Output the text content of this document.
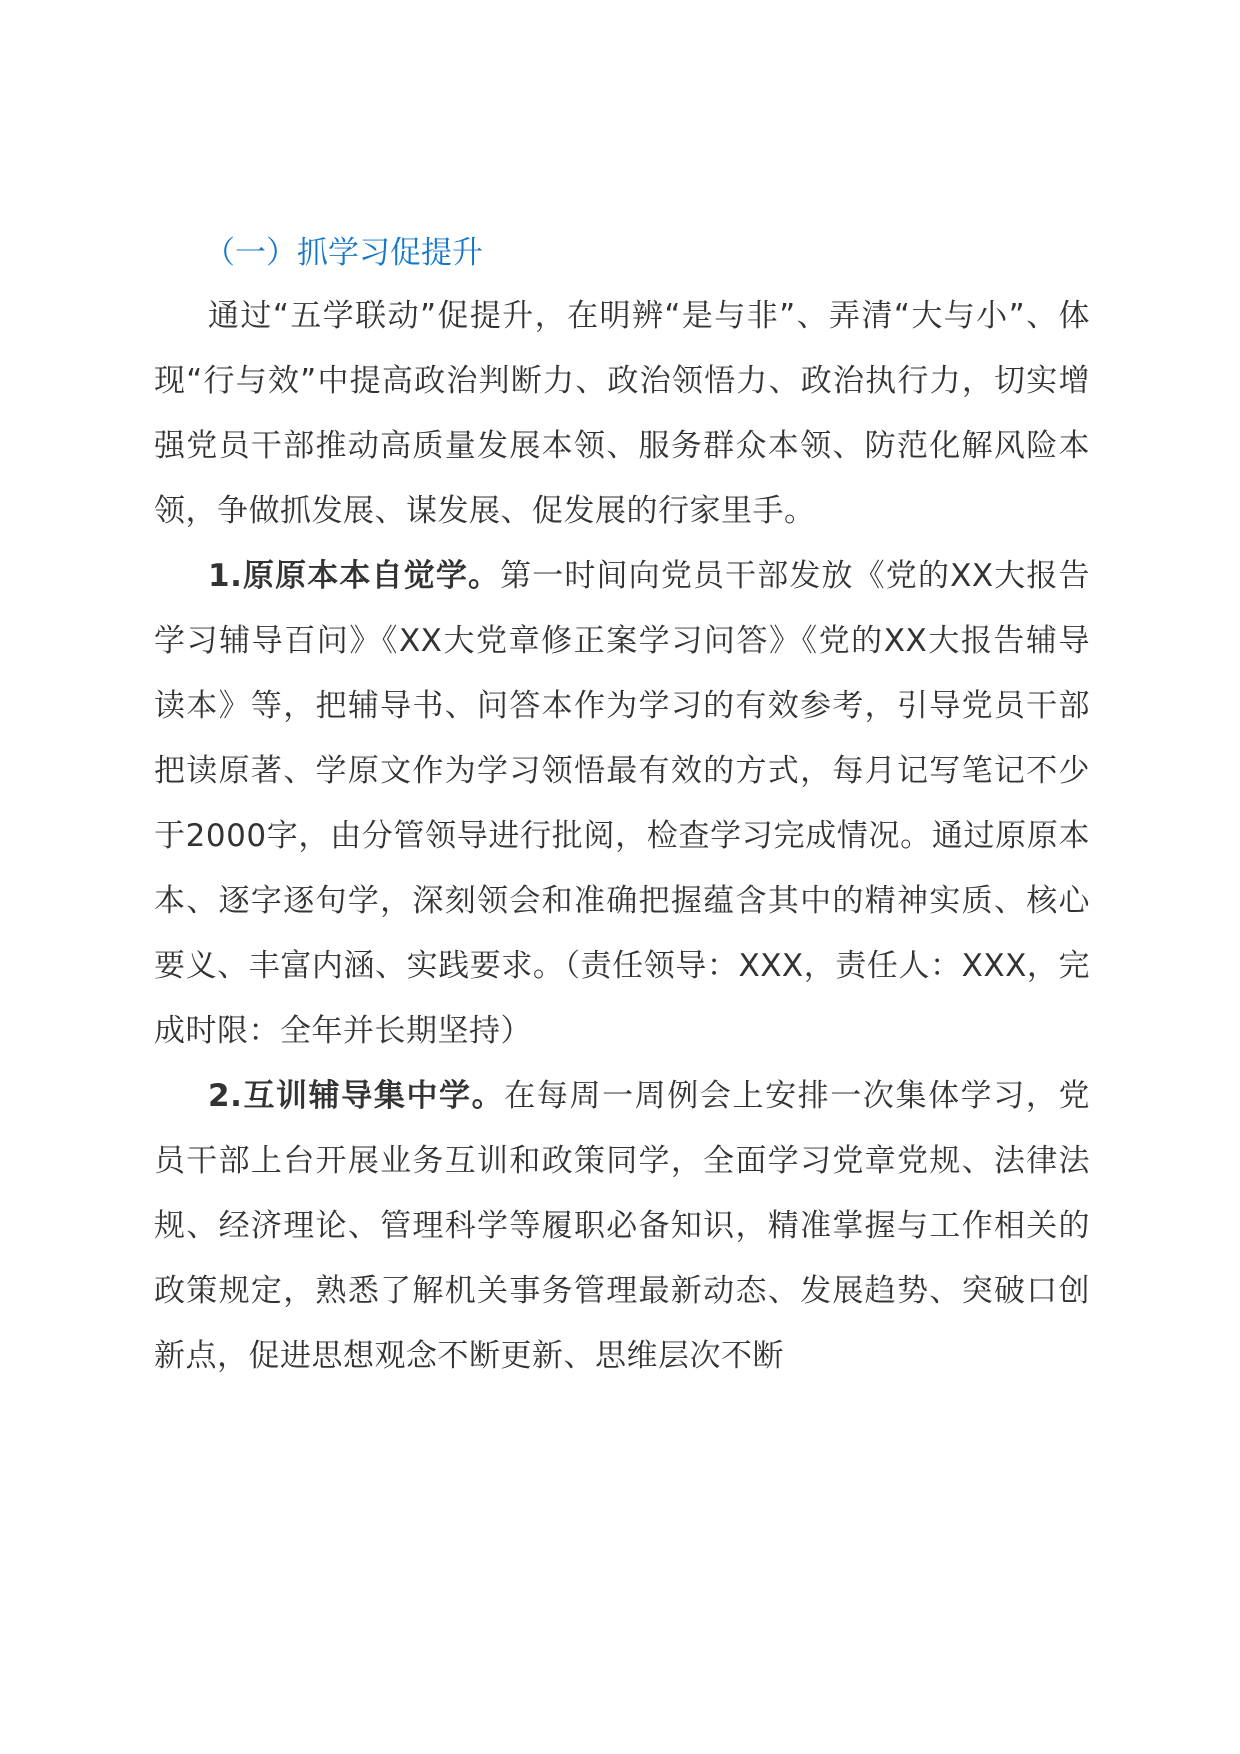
（一）抓学习促提升

通过“五学联动”促提升，在明辨“是与非”、弄清“大与小”、体现“行与效”中提高政治判断力、政治领悟力、政治执行力，切实增强党员干部推动高质量发展本领、服务群众本领、防范化解风险本领，争做抓发展、谋发展、促发展的行家里手。

1.原原本本自觉学。第一时间向党员干部发放《党的XX大报告学习辅导百问》《XX大党章修正案学习问答》《党的XX大报告辅导读本》等，把辅导书、问答本作为学习的有效参考，引导党员干部把读原著、学原文作为学习领悟最有效的方式，每月记写笔记不少于2000字，由分管领导进行批阅，检查学习完成情况。通过原原本本、逐字逐句学，深刻领会和准确把握蕴含其中的精神实质、核心要义、丰富内涵、实践要求。（责任领导：XXX，责任人：XXX，完成时限：全年并长期坚持）

2.互训辅导集中学。在每周一周例会上安排一次集体学习，党员干部上台开展业务互训和政策同学，全面学习党章党规、法律法规、经济理论、管理科学等履职必备知识，精准掌握与工作相关的政策规定，熟悉了解机关事务管理最新动态、发展趋势、突破口创新点，促进思想观念不断更新、思维层次不断
